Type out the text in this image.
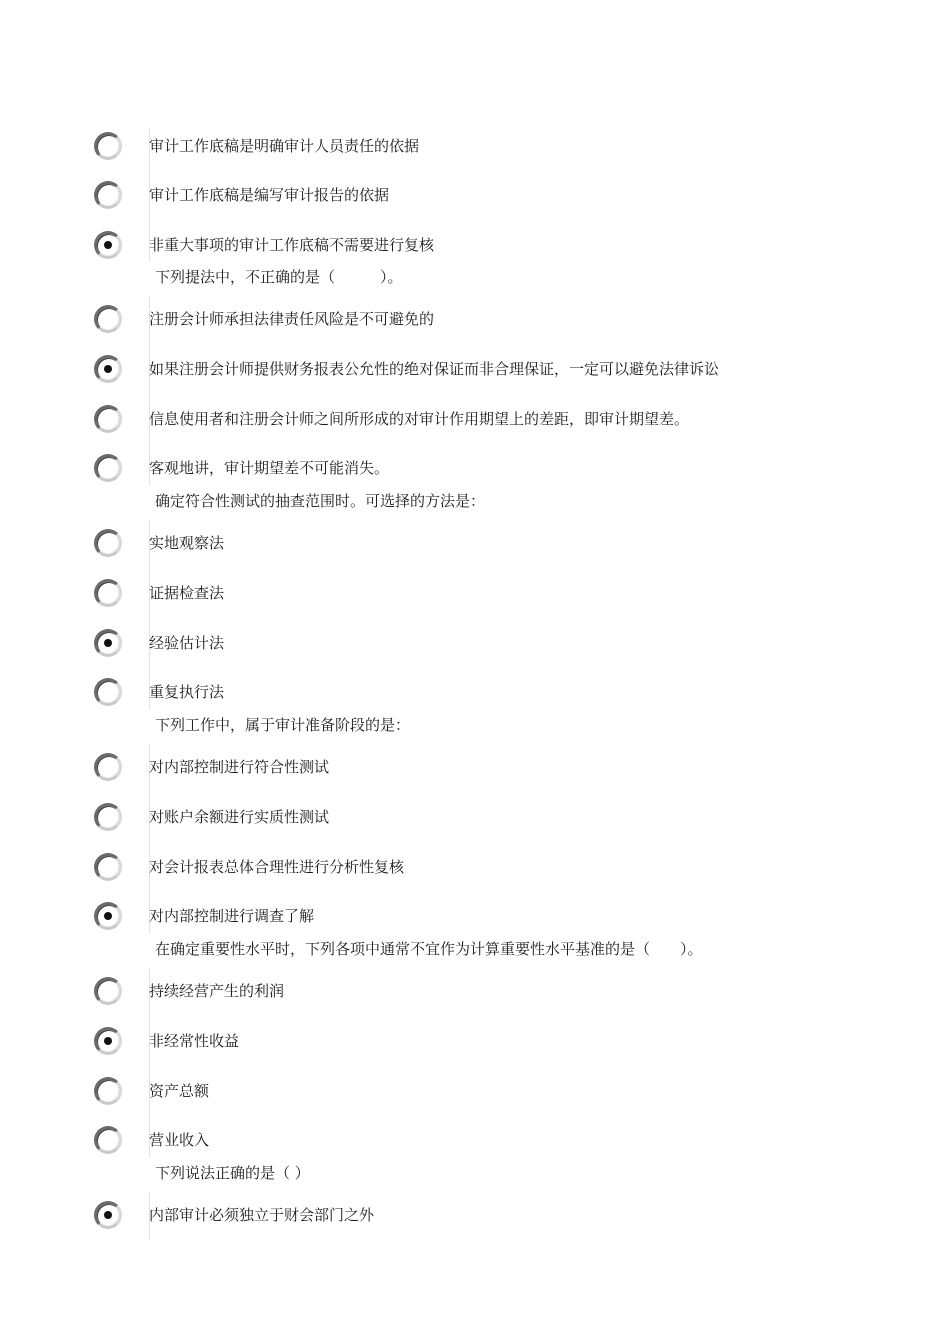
审计工作底稿是明确审计人员责任的依据
审计工作底稿是编写审计报告的依据
非重大事项的审计工作底稿不需要进行复核
下列提法中，不正确的是（　　　）。
注册会计师承担法律责任风险是不可避免的
如果注册会计师提供财务报表公允性的绝对保证而非合理保证，一定可以避免法律诉讼
信息使用者和注册会计师之间所形成的对审计作用期望上的差距，即审计期望差。
客观地讲，审计期望差不可能消失。
确定符合性测试的抽查范围时。可选择的方法是：
实地观察法
证据检查法
经验估计法
重复执行法
下列工作中，属于审计准备阶段的是：
对内部控制进行符合性测试
对账户余额进行实质性测试
对会计报表总体合理性进行分析性复核
对内部控制进行调查了解
在确定重要性水平时，下列各项中通常不宜作为计算重要性水平基准的是（　　）。
持续经营产生的利润
非经常性收益
资产总额
营业收入
下列说法正确的是（ ）
内部审计必须独立于财会部门之外
